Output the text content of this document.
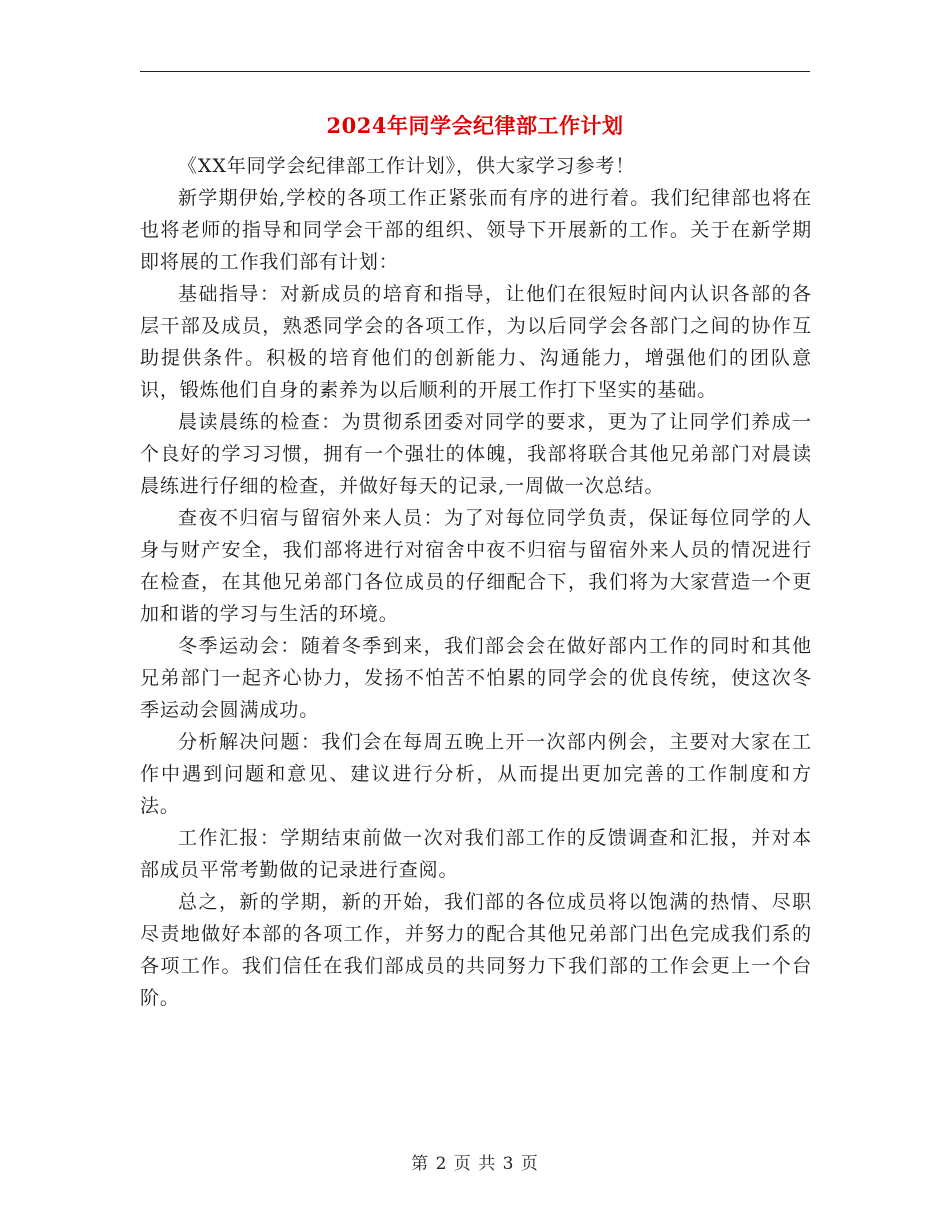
2024年同学会纪律部工作计划

《XX年同学会纪律部工作计划》，供大家学习参考！

新学期伊始,学校的各项工作正紧张而有序的进行着。我们纪律部也将在也将老师的指导和同学会干部的组织、领导下开展新的工作。关于在新学期即将展的工作我们部有计划：

基础指导：对新成员的培育和指导，让他们在很短时间内认识各部的各层干部及成员，熟悉同学会的各项工作，为以后同学会各部门之间的协作互助提供条件。积极的培育他们的创新能力、沟通能力，增强他们的团队意识，锻炼他们自身的素养为以后顺利的开展工作打下坚实的基础。

晨读晨练的检查：为贯彻系团委对同学的要求，更为了让同学们养成一个良好的学习习惯，拥有一个强壮的体魄，我部将联合其他兄弟部门对晨读晨练进行仔细的检查，并做好每天的记录,一周做一次总结。

查夜不归宿与留宿外来人员：为了对每位同学负责，保证每位同学的人身与财产安全，我们部将进行对宿舍中夜不归宿与留宿外来人员的情况进行在检查，在其他兄弟部门各位成员的仔细配合下，我们将为大家营造一个更加和谐的学习与生活的环境。

冬季运动会：随着冬季到来，我们部会会在做好部内工作的同时和其他兄弟部门一起齐心协力，发扬不怕苦不怕累的同学会的优良传统，使这次冬季运动会圆满成功。

分析解决问题：我们会在每周五晚上开一次部内例会，主要对大家在工作中遇到问题和意见、建议进行分析，从而提出更加完善的工作制度和方法。

工作汇报：学期结束前做一次对我们部工作的反馈调查和汇报，并对本部成员平常考勤做的记录进行查阅。

总之，新的学期，新的开始，我们部的各位成员将以饱满的热情、尽职尽责地做好本部的各项工作，并努力的配合其他兄弟部门出色完成我们系的各项工作。我们信任在我们部成员的共同努力下我们部的工作会更上一个台阶。

第 2 页 共 3 页
